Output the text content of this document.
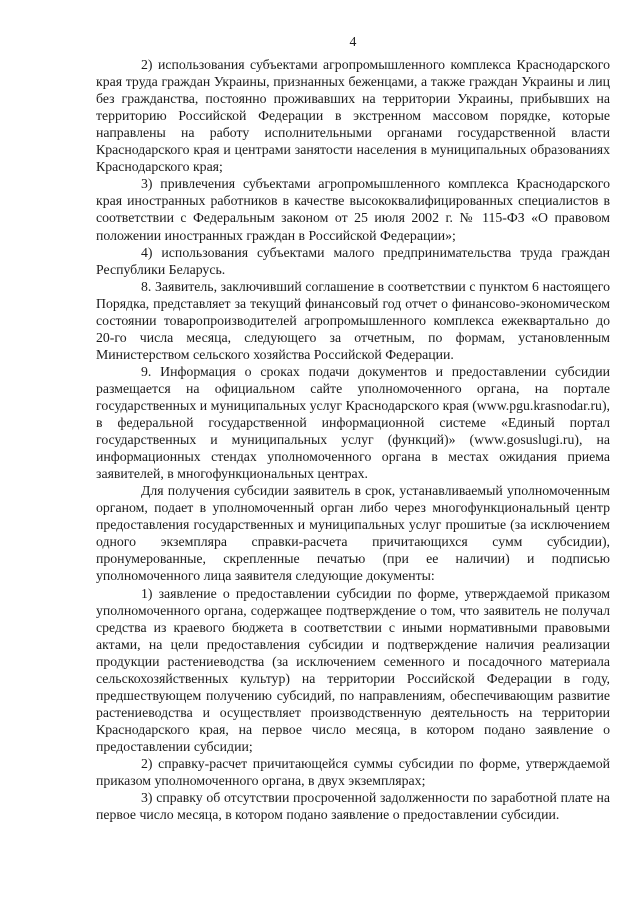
4

2) использования субъектами агропромышленного комплекса Краснодарского края труда граждан Украины, признанных беженцами, а также граждан Украины и лиц без гражданства, постоянно проживавших на территории Украины, прибывших на территорию Российской Федерации в экстренном массовом порядке, которые направлены на работу исполнительными органами государственной власти Краснодарского края и центрами занятости населения в муниципальных образованиях Краснодарского края;

3) привлечения субъектами агропромышленного комплекса Краснодарского края иностранных работников в качестве высококвалифицированных специалистов в соответствии с Федеральным законом от 25 июля 2002 г. № 115-ФЗ «О правовом положении иностранных граждан в Российской Федерации»;

4) использования субъектами малого предпринимательства труда граждан Республики Беларусь.

8. Заявитель, заключивший соглашение в соответствии с пунктом 6 настоящего Порядка, представляет за текущий финансовый год отчет о финансово-экономическом состоянии товаропроизводителей агропромышленного комплекса ежеквартально до 20-го числа месяца, следующего за отчетным, по формам, установленным Министерством сельского хозяйства Российской Федерации.

9. Информация о сроках подачи документов и предоставлении субсидии размещается на официальном сайте уполномоченного органа, на портале государственных и муниципальных услуг Краснодарского края (www.pgu.krasnodar.ru), в федеральной государственной информационной системе «Единый портал государственных и муниципальных услуг (функций)» (www.gosuslugi.ru), на информационных стендах уполномоченного органа в местах ожидания приема заявителей, в многофункциональных центрах.

Для получения субсидии заявитель в срок, устанавливаемый уполномоченным органом, подает в уполномоченный орган либо через многофункциональный центр предоставления государственных и муниципальных услуг прошитые (за исключением одного экземпляра справки-расчета причитающихся сумм субсидии), пронумерованные, скрепленные печатью (при ее наличии) и подписью уполномоченного лица заявителя следующие документы:

1) заявление о предоставлении субсидии по форме, утверждаемой приказом уполномоченного органа, содержащее подтверждение о том, что заявитель не получал средства из краевого бюджета в соответствии с иными нормативными правовыми актами, на цели предоставления субсидии и подтверждение наличия реализации продукции растениеводства (за исключением семенного и посадочного материала сельскохозяйственных культур) на территории Российской Федерации в году, предшествующем получению субсидий, по направлениям, обеспечивающим развитие растениеводства и осуществляет производственную деятельность на территории Краснодарского края, на первое число месяца, в котором подано заявление о предоставлении субсидии;

2) справку-расчет причитающейся суммы субсидии по форме, утверждаемой приказом уполномоченного органа, в двух экземплярах;

3) справку об отсутствии просроченной задолженности по заработной плате на первое число месяца, в котором подано заявление о предоставлении субсидии.
